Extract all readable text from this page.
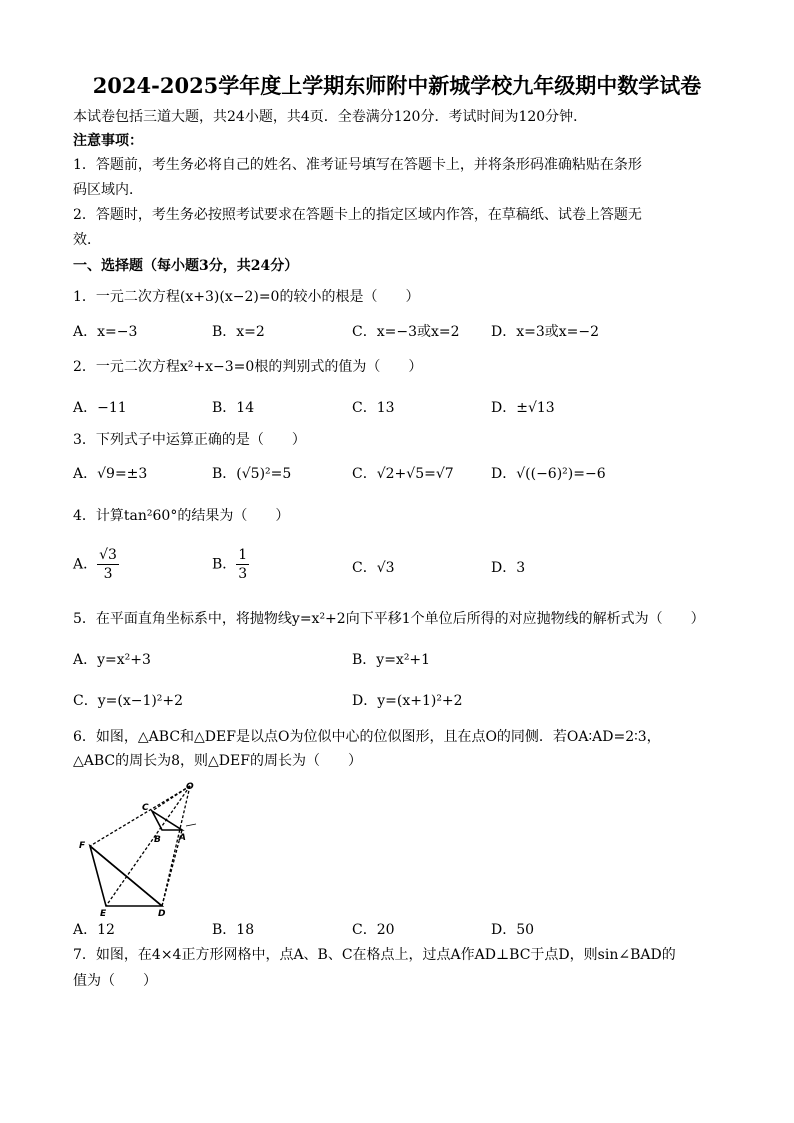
2024-2025学年度上学期东师附中新城学校九年级期中数学试卷
本试卷包括三道大题，共24小题，共4页．全卷满分120分．考试时间为120分钟．
注意事项：
1．答题前，考生务必将自己的姓名、准考证号填写在答题卡上，并将条形码准确粘贴在条形
码区域内．
2．答题时，考生务必按照考试要求在答题卡上的指定区域内作答，在草稿纸、试卷上答题无
效．
一、选择题（每小题3分，共24分）
1．一元二次方程(x+3)(x−2)=0的较小的根是（　　）
A．x=−3	B．x=2	C．x=−3或x=2 D．x=3或x=−2
2．一元二次方程x²+x−3=0根的判别式的值为（　　）
A．−11	B．14	C．13	D．±√13
3．下列式子中运算正确的是（　　）
A．√9=±3	B．(√5)²=5	C．√2+√5=√7	D．√((−6)²)=−6
4．计算tan²60°的结果为（　　）
A． $\frac{√3}{3}$	B． $\frac{1}{3}$	C．√3	D．3
5．在平面直角坐标系中，将抛物线y=x²+2向下平移1个单位后所得的对应抛物线的解析式为（　　）
A．y=x²+3	B．y=x²+1
C．y=(x−1)²+2	D．y=(x+1)²+2
6．如图，△ABC和△DEF是以点O为位似中心的位似图形，且在点O的同侧．若OA∶AD=2∶3，
△ABC的周长为8，则△DEF的周长为（　　）
O
C
B A
F
E	D
A．12	B．18	C．20	D．50
7．如图，在4×4正方形网格中，点A、B、C在格点上，过点A作AD⊥BC于点D，则sin∠BAD的
值为（　　）
